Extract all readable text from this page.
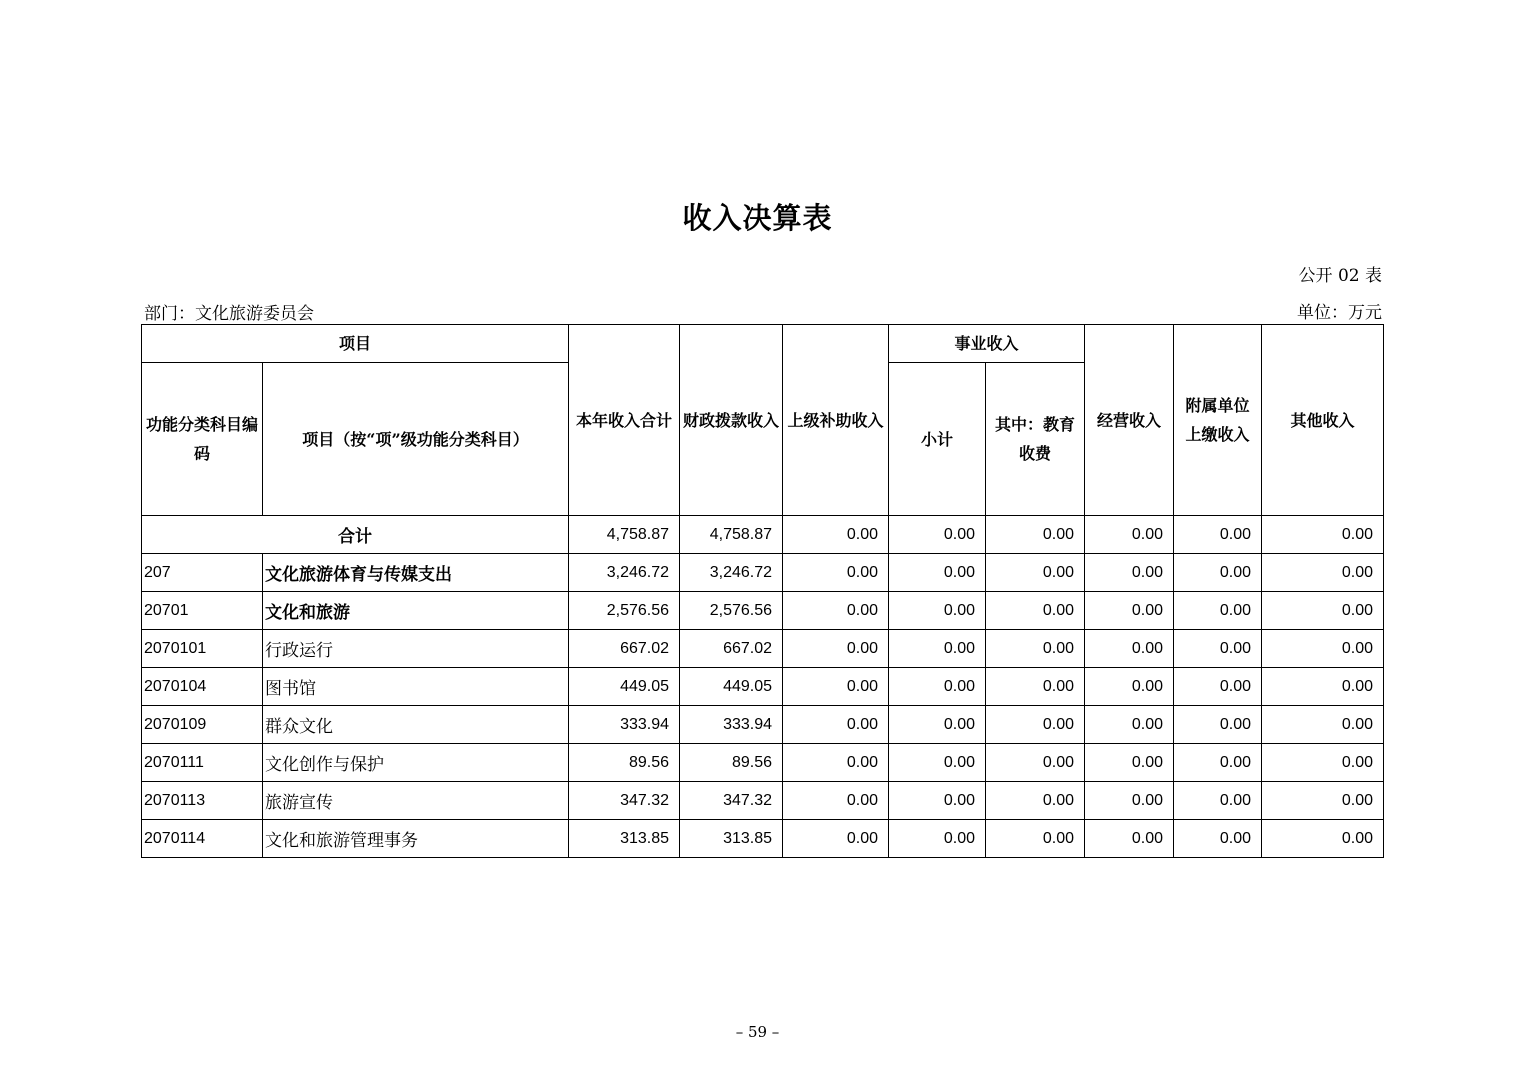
收入决算表
公开 02 表
部门：文化旅游委员会	单位：万元
项目		本年收入合计	财政拨款收入	上级补助收入	事业收入		经营收入	附属单位上缴收入	其他收入
功能分类科目编码	项目（按“项”级功能分类科目）				小计	其中：教育收费			
合计		4,758.87	4,758.87	0.00	0.00	0.00	0.00	0.00	0.00
207	文化旅游体育与传媒支出	3,246.72	3,246.72	0.00	0.00	0.00	0.00	0.00	0.00
20701	文化和旅游	2,576.56	2,576.56	0.00	0.00	0.00	0.00	0.00	0.00
2070101	行政运行	667.02	667.02	0.00	0.00	0.00	0.00	0.00	0.00
2070104	图书馆	449.05	449.05	0.00	0.00	0.00	0.00	0.00	0.00
2070109	群众文化	333.94	333.94	0.00	0.00	0.00	0.00	0.00	0.00
2070111	文化创作与保护	89.56	89.56	0.00	0.00	0.00	0.00	0.00	0.00
2070113	旅游宣传	347.32	347.32	0.00	0.00	0.00	0.00	0.00	0.00
2070114	文化和旅游管理事务	313.85	313.85	0.00	0.00	0.00	0.00	0.00	0.00
– 59 –
